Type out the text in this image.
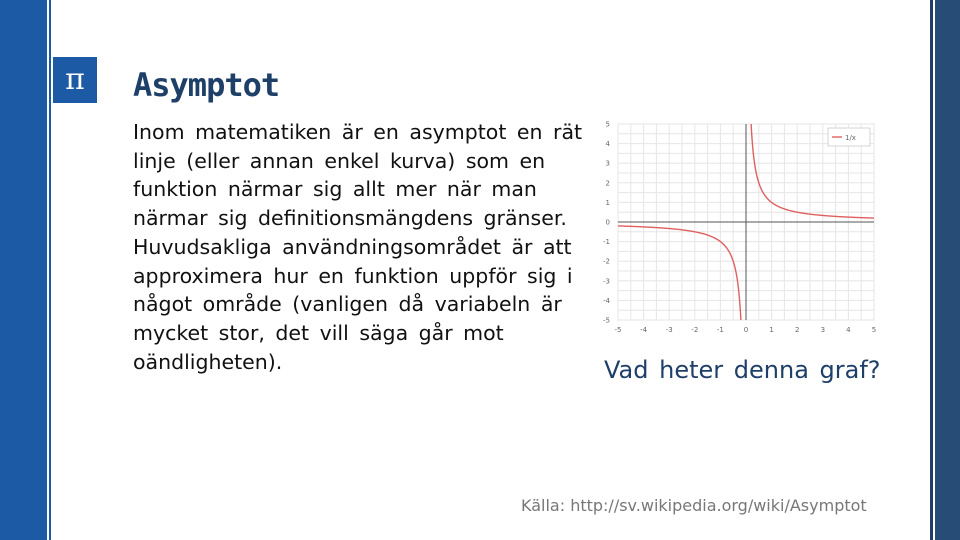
π	Asymptot

Inom matematiken är en asymptot en rät linje (eller annan enkel kurva) som en funktion närmar sig allt mer när man närmar sig definitionsmängdens gränser. Huvudsakliga användningsområdet är att approximera hur en funktion uppför sig i något område (vanligen då variabeln är mycket stor, det vill säga går mot oändligheten).

-5	-4	-3	-2	-1	0	1	2	3	4	5
5
4
3
2
1
0
-1
-2
-3
-4
-5
1/x

Vad heter denna graf?

Källa: http://sv.wikipedia.org/wiki/Asymptot
